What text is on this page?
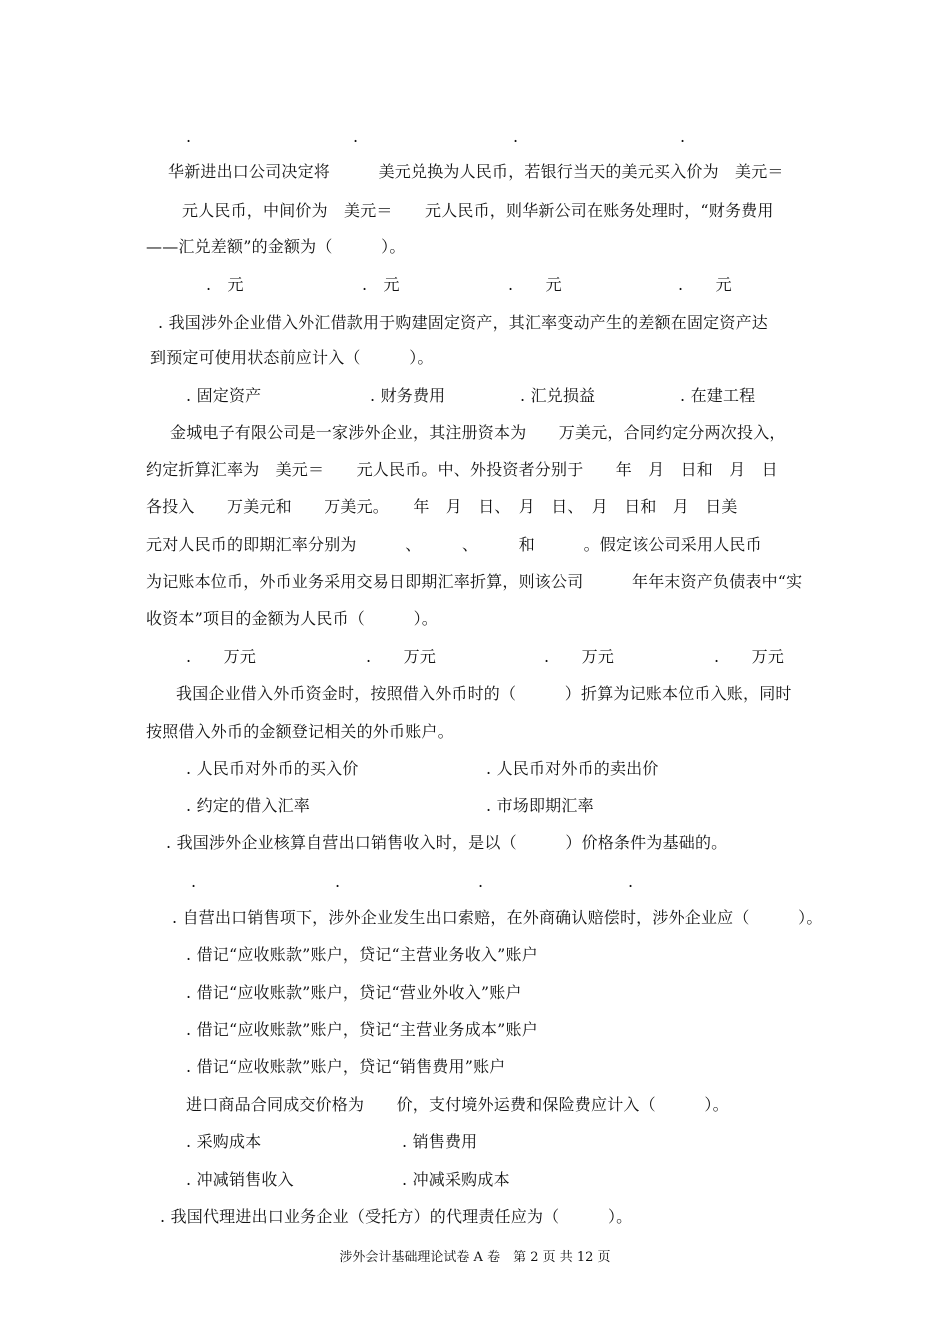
.	.	.	.
华新进出口公司决定将　　　美元兑换为人民币，若银行当天的美元买入价为　美元＝
元人民币，中间价为　美元＝　　元人民币，则华新公司在账务处理时，“财务费用
——汇兑差额”的金额为（　　　）。
.　元	.　元	.　　元	.　　元
. 我国涉外企业借入外汇借款用于购建固定资产，其汇率变动产生的差额在固定资产达
到预定可使用状态前应计入（　　　）。
. 固定资产	. 财务费用	. 汇兑损益	. 在建工程
金城电子有限公司是一家涉外企业，其注册资本为　　万美元，合同约定分两次投入，
约定折算汇率为　美元＝　　元人民币。中、外投资者分别于　　年　月　日和　月　日
各投入　　万美元和　　万美元。　　年　月　日、　月　日、　月　日和　月　日美
元对人民币的即期汇率分别为　　　、　　　、　　　和　　　。假定该公司采用人民币
为记账本位币，外币业务采用交易日即期汇率折算，则该公司　　　年年末资产负债表中“实
收资本”项目的金额为人民币（　　　）。
.　　万元	.　　万元	.　　万元	.　　万元
我国企业借入外币资金时，按照借入外币时的（　　　）折算为记账本位币入账，同时
按照借入外币的金额登记相关的外币账户。
. 人民币对外币的买入价	. 人民币对外币的卖出价
. 约定的借入汇率	. 市场即期汇率
. 我国涉外企业核算自营出口销售收入时，是以（　　　）价格条件为基础的。
.	.	.	.
. 自营出口销售项下，涉外企业发生出口索赔，在外商确认赔偿时，涉外企业应（　　　）。
. 借记“应收账款”账户，贷记“主营业务收入”账户
. 借记“应收账款”账户，贷记“营业外收入”账户
. 借记“应收账款”账户，贷记“主营业务成本”账户
. 借记“应收账款”账户，贷记“销售费用”账户
进口商品合同成交价格为　　价，支付境外运费和保险费应计入（　　　）。
. 采购成本	. 销售费用
. 冲减销售收入	. 冲减采购成本
. 我国代理进出口业务企业（受托方）的代理责任应为（　　　）。
涉外会计基础理论试卷 A 卷　第 2 页 共 12 页
